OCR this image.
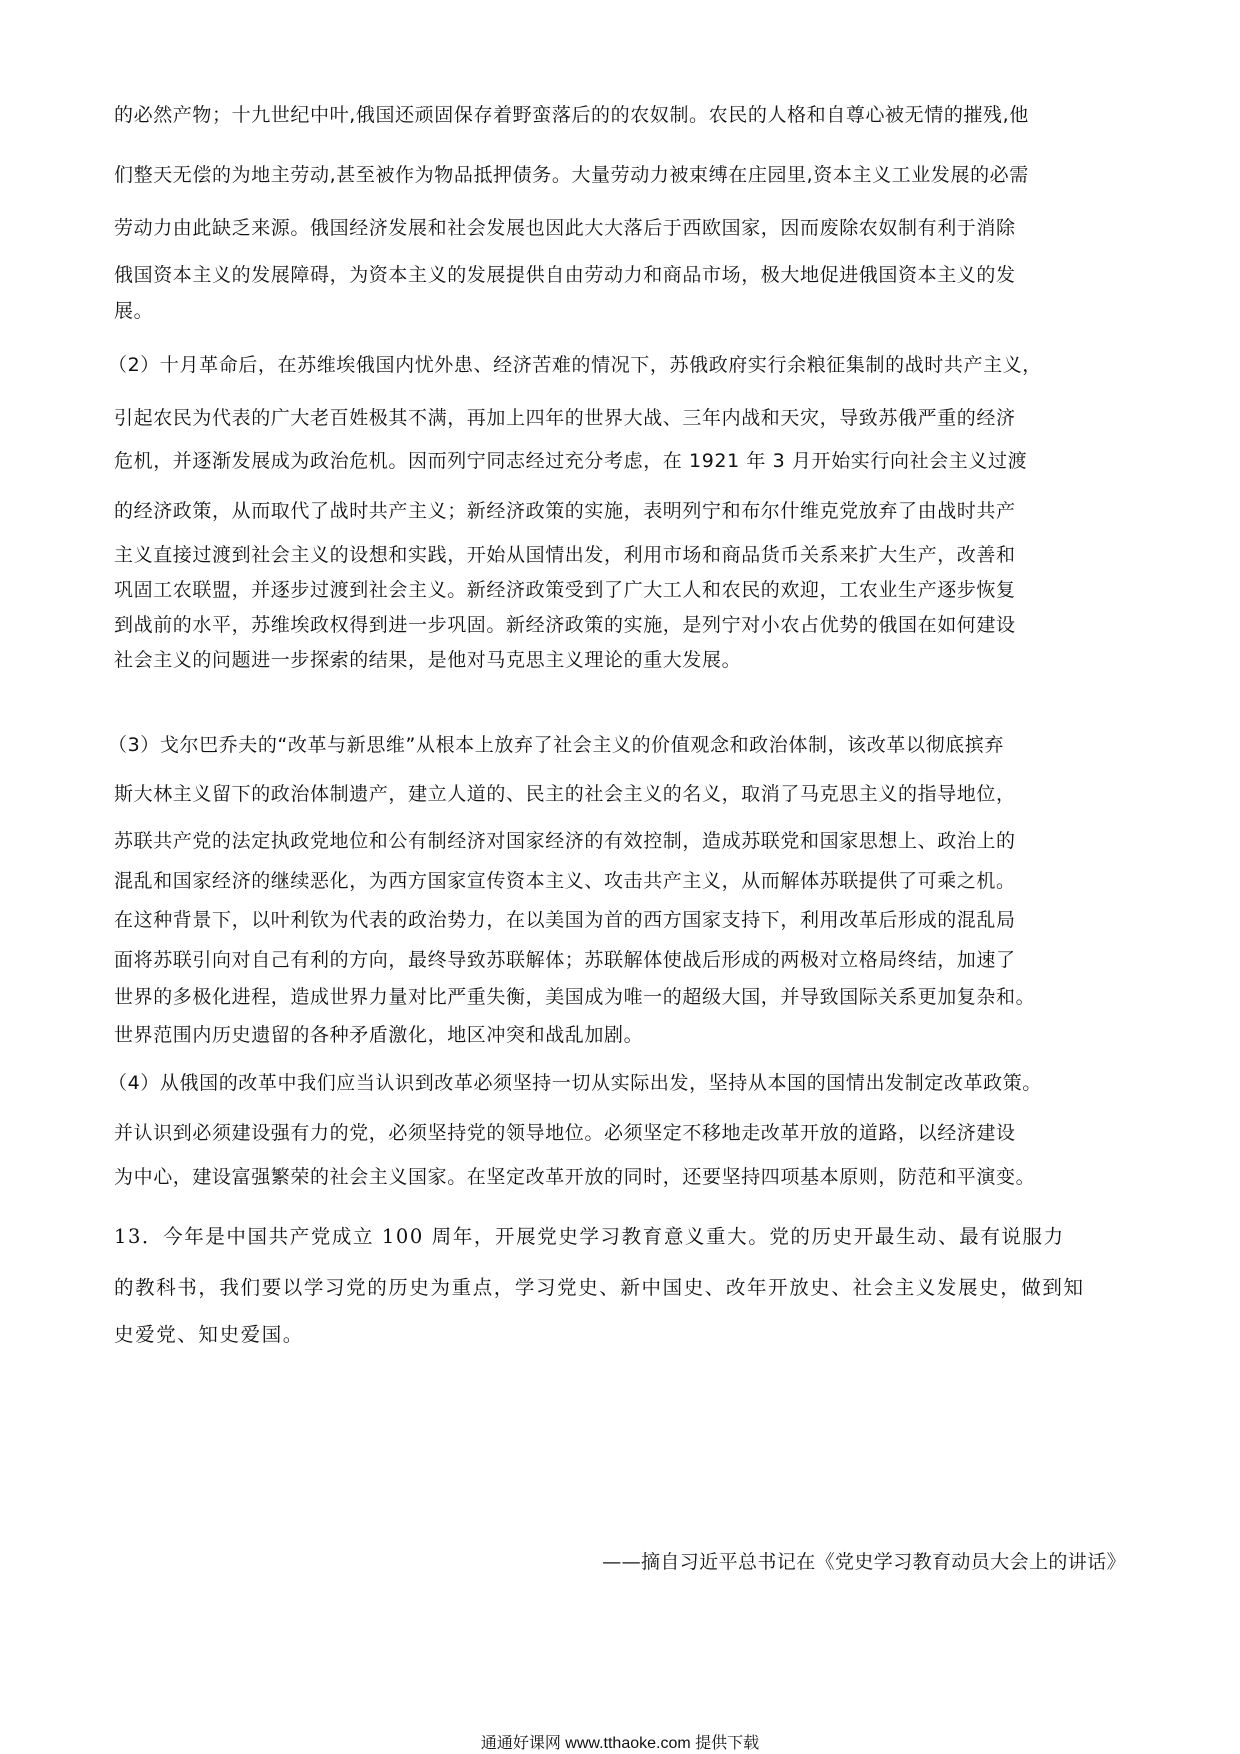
的必然产物；十九世纪中叶,俄国还顽固保存着野蛮落后的的农奴制。农民的人格和自尊心被无情的摧残,他
们整天无偿的为地主劳动,甚至被作为物品抵押债务。大量劳动力被束缚在庄园里,资本主义工业发展的必需
劳动力由此缺乏来源。俄国经济发展和社会发展也因此大大落后于西欧国家，因而废除农奴制有利于消除
俄国资本主义的发展障碍，为资本主义的发展提供自由劳动力和商品市场，极大地促进俄国资本主义的发
展。
（2）十月革命后，在苏维埃俄国内忧外患、经济苦难的情况下，苏俄政府实行余粮征集制的战时共产主义，
引起农民为代表的广大老百姓极其不满，再加上四年的世界大战、三年内战和天灾，导致苏俄严重的经济
危机，并逐渐发展成为政治危机。因而列宁同志经过充分考虑，在 1921 年 3 月开始实行向社会主义过渡
的经济政策，从而取代了战时共产主义；新经济政策的实施，表明列宁和布尔什维克党放弃了由战时共产
主义直接过渡到社会主义的设想和实践，开始从国情出发，利用市场和商品货币关系来扩大生产，改善和
巩固工农联盟，并逐步过渡到社会主义。新经济政策受到了广大工人和农民的欢迎，工农业生产逐步恢复
到战前的水平，苏维埃政权得到进一步巩固。新经济政策的实施，是列宁对小农占优势的俄国在如何建设
社会主义的问题进一步探索的结果，是他对马克思主义理论的重大发展。
（3）戈尔巴乔夫的“改革与新思维”从根本上放弃了社会主义的价值观念和政治体制，该改革以彻底摈弃
斯大林主义留下的政治体制遗产，建立人道的、民主的社会主义的名义，取消了马克思主义的指导地位，
苏联共产党的法定执政党地位和公有制经济对国家经济的有效控制，造成苏联党和国家思想上、政治上的
混乱和国家经济的继续恶化，为西方国家宣传资本主义、攻击共产主义，从而解体苏联提供了可乘之机。
在这种背景下，以叶利钦为代表的政治势力，在以美国为首的西方国家支持下，利用改革后形成的混乱局
面将苏联引向对自己有利的方向，最终导致苏联解体；苏联解体使战后形成的两极对立格局终结，加速了
世界的多极化进程，造成世界力量对比严重失衡，美国成为唯一的超级大国，并导致国际关系更加复杂和。
世界范围内历史遗留的各种矛盾激化，地区冲突和战乱加剧。
（4）从俄国的改革中我们应当认识到改革必须坚持一切从实际出发，坚持从本国的国情出发制定改革政策。
并认识到必须建设强有力的党，必须坚持党的领导地位。必须坚定不移地走改革开放的道路，以经济建设
为中心，建设富强繁荣的社会主义国家。在坚定改革开放的同时，还要坚持四项基本原则，防范和平演变。
13．今年是中国共产党成立 100 周年，开展党史学习教育意义重大。党的历史开最生动、最有说服力
的教科书，我们要以学习党的历史为重点，学习党史、新中国史、改年开放史、社会主义发展史，做到知
史爱党、知史爱国。
——摘自习近平总书记在《党史学习教育动员大会上的讲话》
通通好课网 www.tthaoke.com 提供下载
